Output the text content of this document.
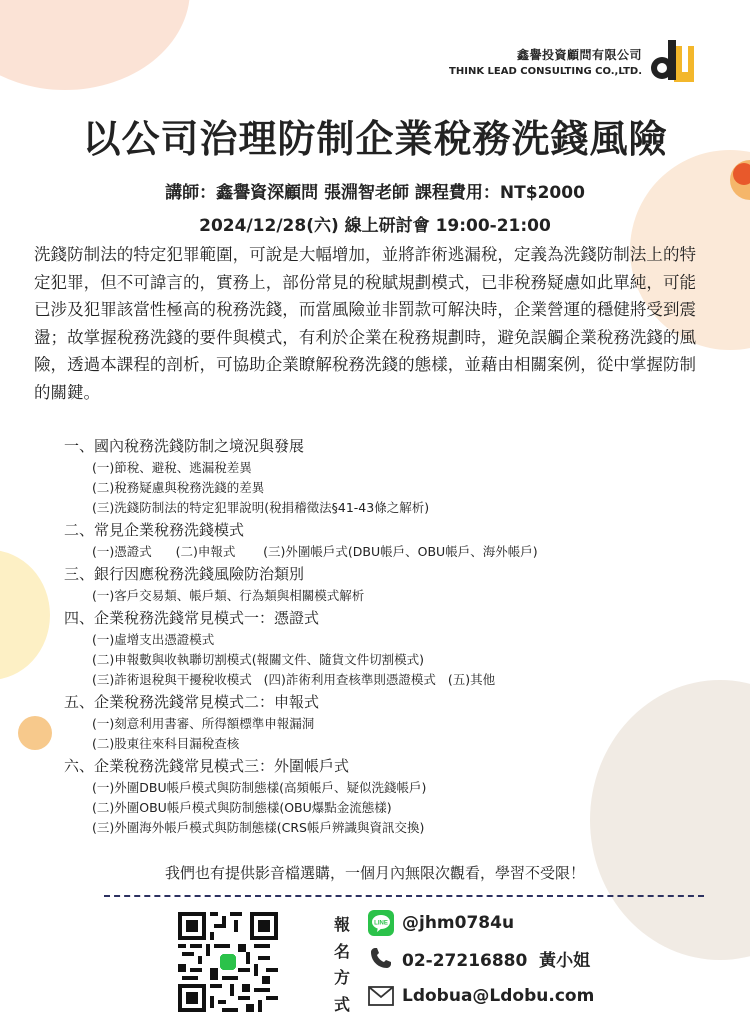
鑫譽投資顧問有限公司
THINK LEAD CONSULTING CO.,LTD.
以公司治理防制企業稅務洗錢風險
講師：鑫譽資深顧問 張淵智老師 課程費用：NT$2000
2024/12/28(六) 線上研討會 19:00-21:00
洗錢防制法的特定犯罪範圍，可說是大幅增加，並將詐術逃漏稅，定義為洗錢防制法上的特定犯罪，但不可諱言的，實務上，部份常見的稅賦規劃模式，已非稅務疑慮如此單純，可能已涉及犯罪該當性極高的稅務洗錢，而當風險並非罰款可解決時，企業營運的穩健將受到震盪；故掌握稅務洗錢的要件與模式，有利於企業在稅務規劃時，避免誤觸企業稅務洗錢的風險，透過本課程的剖析，可協助企業瞭解稅務洗錢的態樣，並藉由相關案例，從中掌握防制的關鍵。
一、國內稅務洗錢防制之境況與發展
(一)節稅、避稅、逃漏稅差異
(二)稅務疑慮與稅務洗錢的差異
(三)洗錢防制法的特定犯罪說明(稅捐稽徵法§41-43條之解析)
二、常見企業稅務洗錢模式
(一)憑證式      (二)申報式       (三)外圍帳戶式(DBU帳戶、OBU帳戶、海外帳戶)
三、銀行因應稅務洗錢風險防治類別
(一)客戶交易類、帳戶類、行為類與相關模式解析
四、企業稅務洗錢常見模式一：憑證式
(一)虛增支出憑證模式
(二)申報數與收執聯切割模式(報關文件、隨貨文件切割模式)
(三)詐術退稅與干擾稅收模式   (四)詐術利用查核準則憑證模式   (五)其他
五、企業稅務洗錢常見模式二：申報式
(一)刻意利用書審、所得額標準申報漏洞
(二)股東往來科目漏稅查核
六、企業稅務洗錢常見模式三：外圍帳戶式
(一)外圍DBU帳戶模式與防制態樣(高頻帳戶、疑似洗錢帳戶)
(二)外圍OBU帳戶模式與防制態樣(OBU爆點金流態樣)
(三)外圍海外帳戶模式與防制態樣(CRS帳戶辨識與資訊交換)
我們也有提供影音檔選購，一個月內無限次觀看，學習不受限！
報
名
方
式
LINE @jhm0784u
02-27216880  黃小姐
Ldobua@Ldobu.com
